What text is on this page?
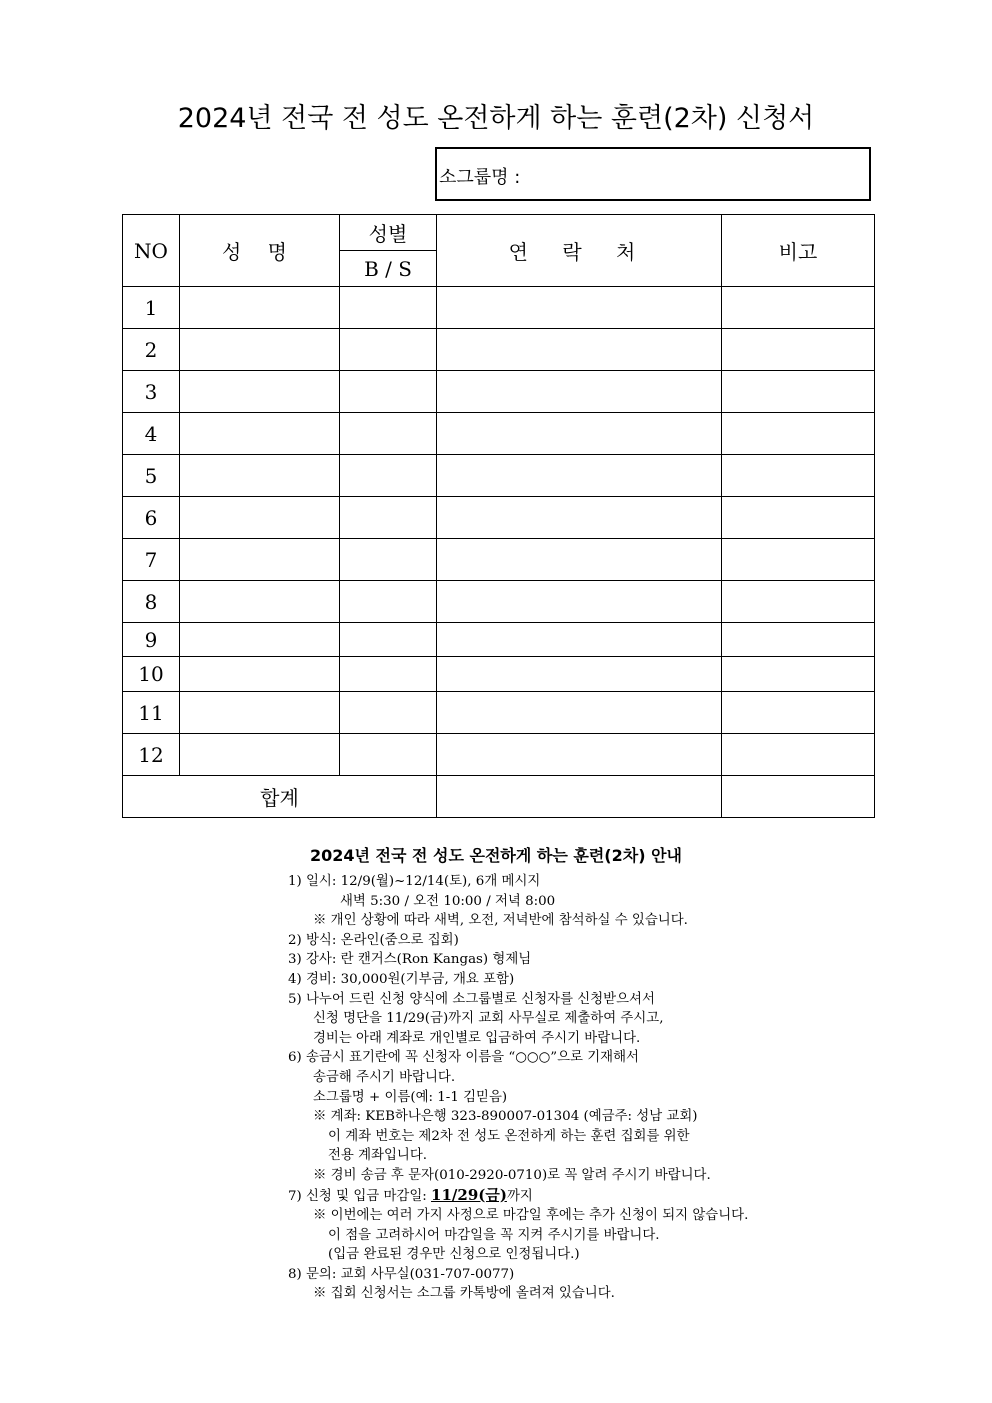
2024년 전국 전 성도 온전하게 하는 훈련(2차) 신청서
소그룹명 :
NO	성 명	성별	연 락 처	비고
		B / S		
1				
2				
3				
4				
5				
6				
7				
8				
9				
10				
11				
12				
합계				
2024년 전국 전 성도 온전하게 하는 훈련(2차) 안내
1) 일시: 12/9(월)~12/14(토), 6개 메시지
새벽 5:30 / 오전 10:00 / 저녁 8:00
※ 개인 상황에 따라 새벽, 오전, 저녁반에 참석하실 수 있습니다.
2) 방식: 온라인(줌으로 집회)
3) 강사: 란 캔거스(Ron Kangas) 형제님
4) 경비: 30,000원(기부금, 개요 포함)
5) 나누어 드린 신청 양식에 소그룹별로 신청자를 신청받으셔서
신청 명단을 11/29(금)까지 교회 사무실로 제출하여 주시고,
경비는 아래 계좌로 개인별로 입금하여 주시기 바랍니다.
6) 송금시 표기란에 꼭 신청자 이름을 “○○○”으로 기재해서
송금해 주시기 바랍니다.
소그룹명 + 이름(예: 1-1 김믿음)
※ 계좌: KEB하나은행 323-890007-01304 (예금주: 성남 교회)
이 계좌 번호는 제2차 전 성도 온전하게 하는 훈련 집회를 위한
전용 계좌입니다.
※ 경비 송금 후 문자(010-2920-0710)로 꼭 알려 주시기 바랍니다.
7) 신청 및 입금 마감일: 11/29(금)까지
※ 이번에는 여러 가지 사정으로 마감일 후에는 추가 신청이 되지 않습니다.
이 점을 고려하시어 마감일을 꼭 지켜 주시기를 바랍니다.
(입금 완료된 경우만 신청으로 인정됩니다.)
8) 문의: 교회 사무실(031-707-0077)
※ 집회 신청서는 소그룹 카톡방에 올려져 있습니다.
